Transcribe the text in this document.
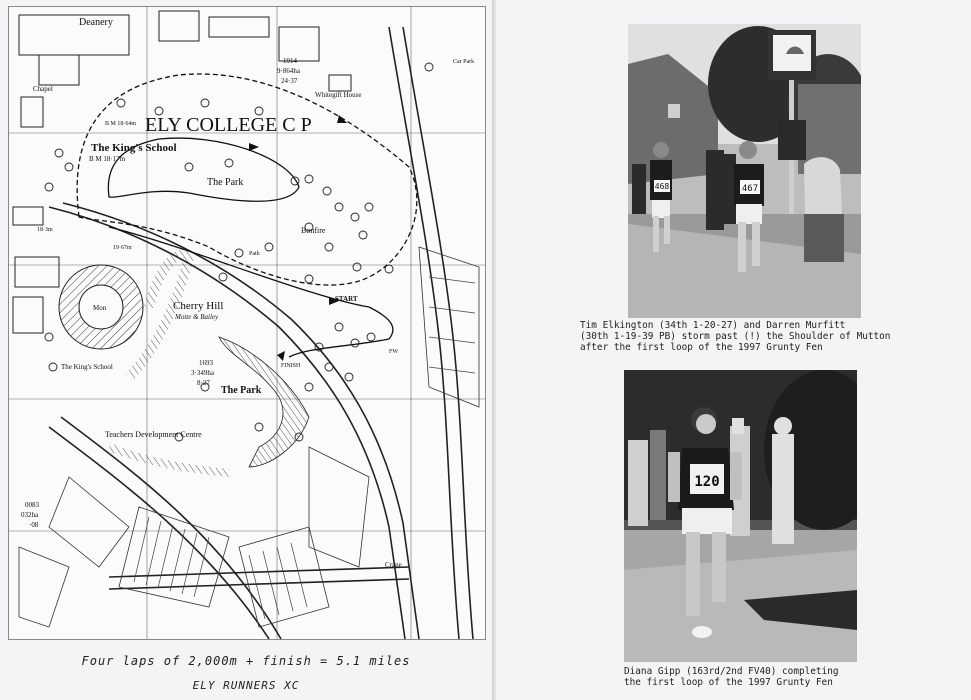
Deanery
Chapel
ELY COLLEGE C P
The King's School
B M 18·17m
B M 18·64m
The Park
Whitegift House
Car Park
1914
9·864ha
24·37
Bonfire
Cherry Hill
Motte & Bailey
Mon
1693
3·349ha
8·27
The Park
The King's School
Teachers Development Centre
START
FINISH
Path
FW
Crane
0083
032ha
·08
18·3m
19·67m
Four laps of 2,000m + finish = 5.1 miles
ELY RUNNERS XC
468	467
Tim Elkington (34th 1-20-27) and Darren Murfitt
(30th 1-19-39 PB) storm past (!) the Shoulder of Mutton
after the first loop of the 1997 Grunty Fen
120
Diana Gipp (163rd/2nd FV40) completing
the first loop of the 1997 Grunty Fen
